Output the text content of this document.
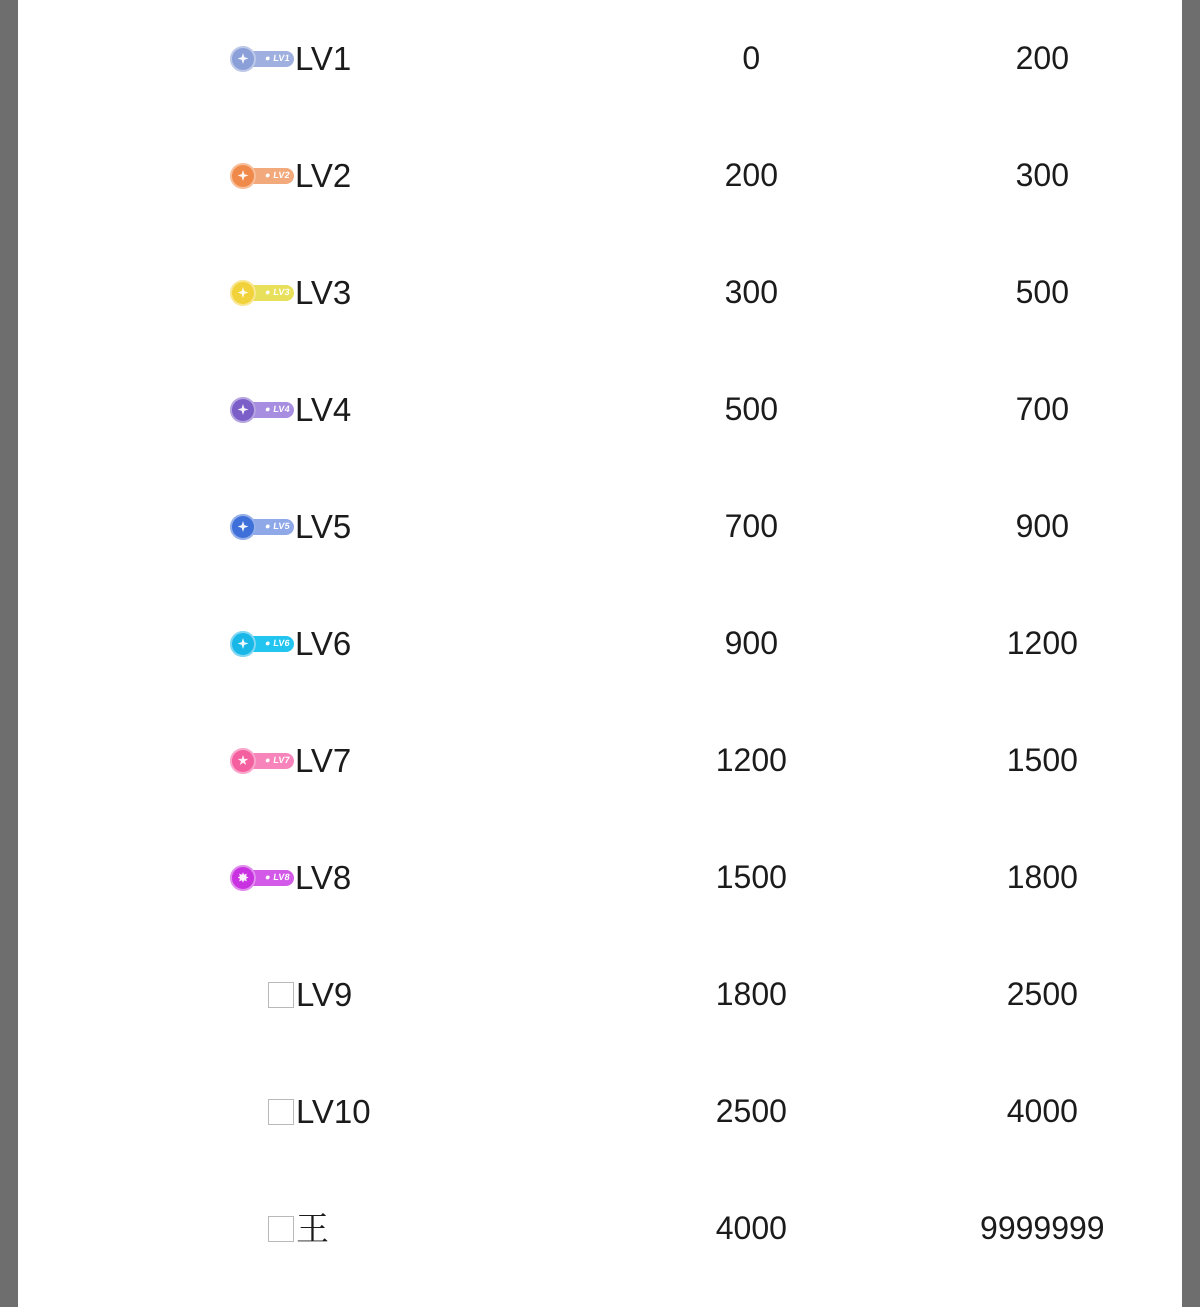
● LV1 LV1	0	200

● LV2 LV2	200	300

● LV3 LV3	300	500

● LV4 LV4	500	700

● LV5 LV5	700	900

● LV6 LV6	900	1200

● LV7 LV7	1200	1500

● LV8 LV8	1500	1800

LV9	1800	2500

LV10	2500	4000

王	4000	9999999
